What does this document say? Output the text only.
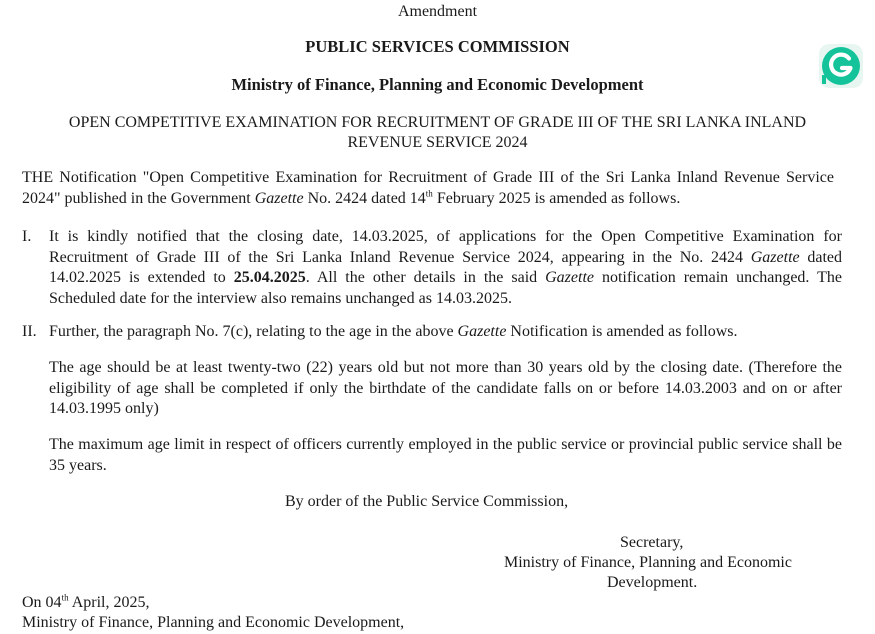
Amendment
PUBLIC SERVICES COMMISSION
Ministry of Finance, Planning and Economic Development
OPEN COMPETITIVE EXAMINATION FOR RECRUITMENT OF GRADE III OF THE SRI LANKA INLAND
REVENUE SERVICE 2024
THE Notification "Open Competitive Examination for Recruitment of Grade III of the Sri Lanka Inland Revenue Service 2024" published in the Government Gazette No. 2424 dated 14th February 2025 is amended as follows.
I. It is kindly notified that the closing date, 14.03.2025, of applications for the Open Competitive Examination for Recruitment of Grade III of the Sri Lanka Inland Revenue Service 2024, appearing in the No. 2424 Gazette dated 14.02.2025 is extended to 25.04.2025. All the other details in the said Gazette notification remain unchanged. The Scheduled date for the interview also remains unchanged as 14.03.2025.
II. Further, the paragraph No. 7(c), relating to the age in the above Gazette Notification is amended as follows.
The age should be at least twenty-two (22) years old but not more than 30 years old by the closing date. (Therefore the eligibility of age shall be completed if only the birthdate of the candidate falls on or before 14.03.2003 and on or after 14.03.1995 only)
The maximum age limit in respect of officers currently employed in the public service or provincial public service shall be 35 years.
By order of the Public Service Commission,
Secretary,
Ministry of Finance, Planning and Economic
Development.
On 04th April, 2025,
Ministry of Finance, Planning and Economic Development,
